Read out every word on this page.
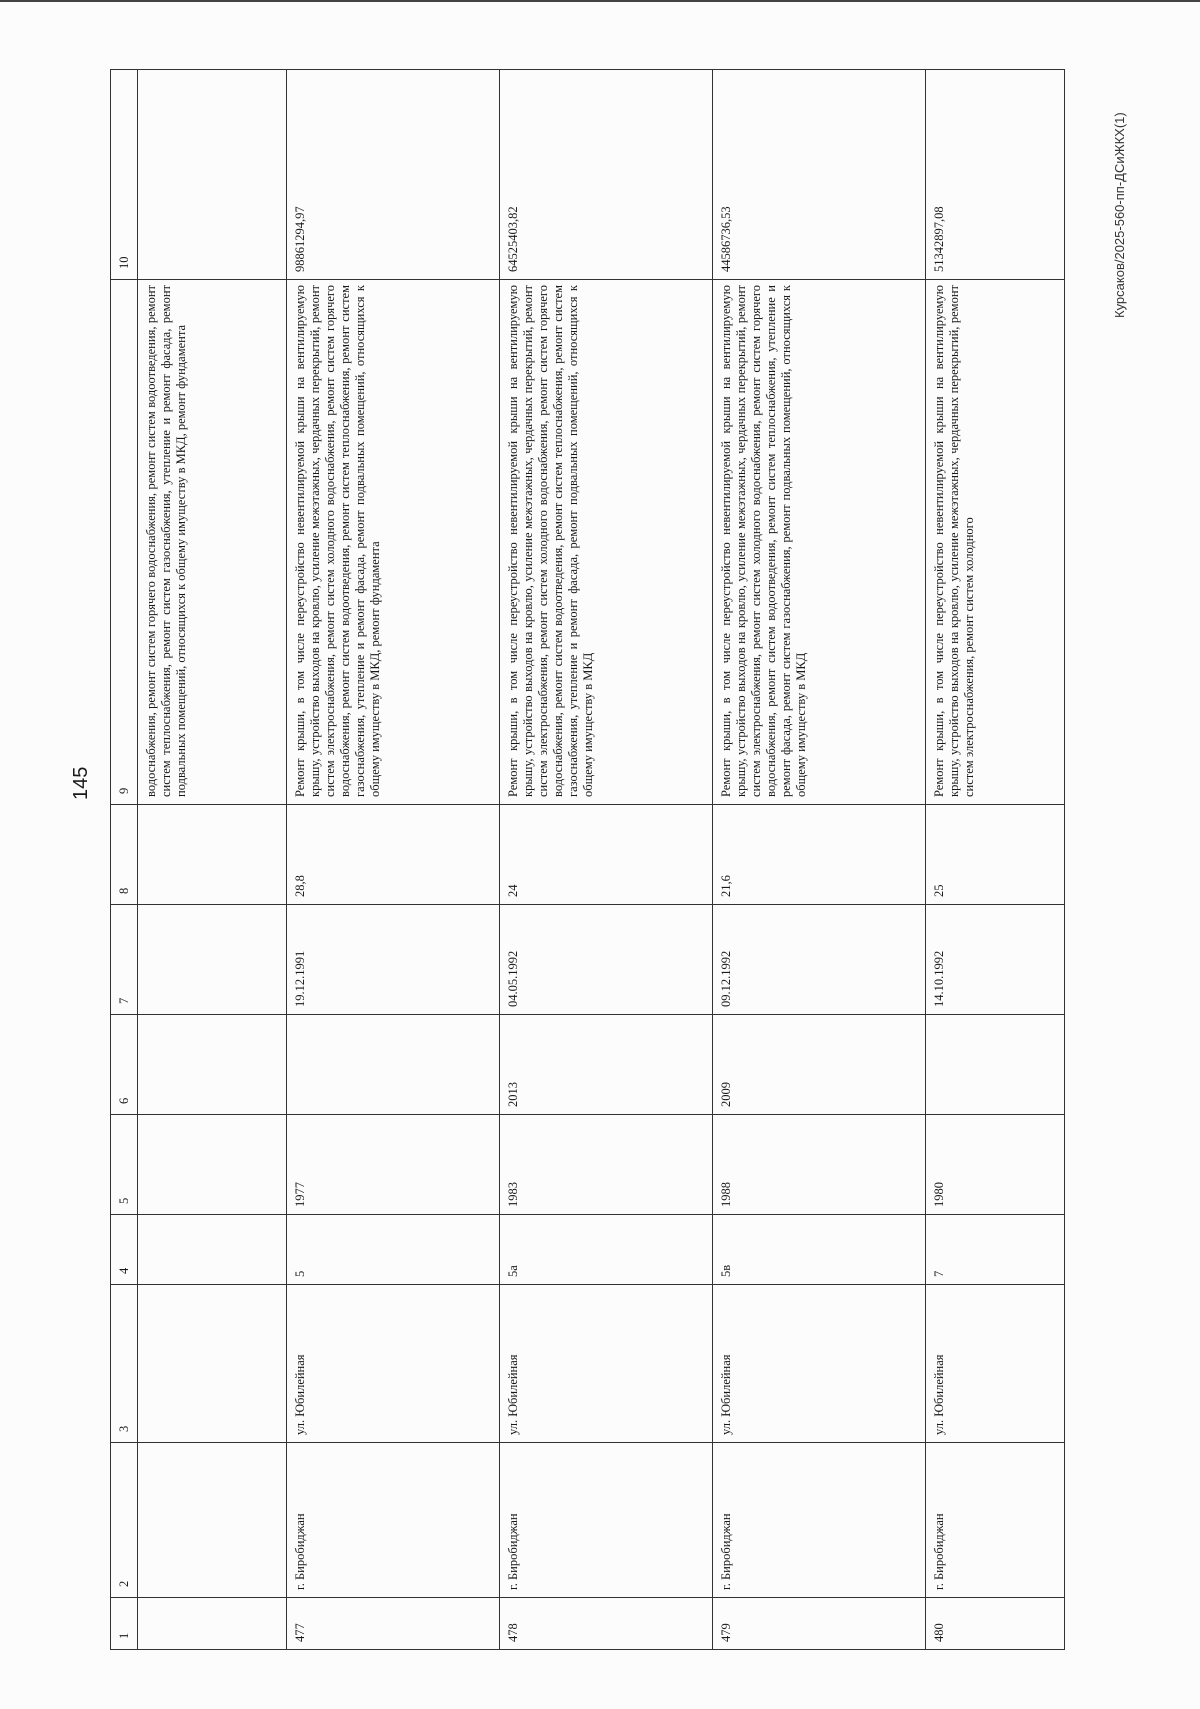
145
Курсаков/2025-560-пп-ДСиЖКХ(1)
1	2	3	4	5	6	7	8	9	10
								водоснабжения, ремонт систем горячего водоснабжения, ремонт систем водоотведения, ремонт систем теплоснабжения, ремонт систем газоснабжения, утепление и ремонт фасада, ремонт подвальных помещений, относящихся к общему имуществу в МКД, ремонт фундамента	
477	г. Биробиджан	ул. Юбилейная	5	1977		19.12.1991	28,8	Ремонт крыши, в том числе переустройство невентилируемой крыши на вентилируемую крышу, устройство выходов на кровлю, усиление межэтажных, чердачных перекрытий, ремонт систем электроснабжения, ремонт систем холодного водоснабжения, ремонт систем горячего водоснабжения, ремонт систем водоотведения, ремонт систем теплоснабжения, ремонт систем газоснабжения, утепление и ремонт фасада, ремонт подвальных помещений, относящихся к общему имуществу в МКД, ремонт фундамента	98861294,97
478	г. Биробиджан	ул. Юбилейная	5а	1983	2013	04.05.1992	24	Ремонт крыши, в том числе переустройство невентилируемой крыши на вентилируемую крышу, устройство выходов на кровлю, усиление межэтажных, чердачных перекрытий, ремонт систем электроснабжения, ремонт систем холодного водоснабжения, ремонт систем горячего водоснабжения, ремонт систем водоотведения, ремонт систем теплоснабжения, ремонт систем газоснабжения, утепление и ремонт фасада, ремонт подвальных помещений, относящихся к общему имуществу в МКД	64525403,82
479	г. Биробиджан	ул. Юбилейная	5в	1988	2009	09.12.1992	21,6	Ремонт крыши, в том числе переустройство невентилируемой крыши на вентилируемую крышу, устройство выходов на кровлю, усиление межэтажных, чердачных перекрытий, ремонт систем электроснабжения, ремонт систем холодного водоснабжения, ремонт систем горячего водоснабжения, ремонт систем водоотведения, ремонт систем теплоснабжения, утепление и ремонт фасада, ремонт систем газоснабжения, ремонт подвальных помещений, относящихся к общему имуществу в МКД	44586736,53
480	г. Биробиджан	ул. Юбилейная	7	1980		14.10.1992	25	Ремонт крыши, в том числе переустройство невентилируемой крыши на вентилируемую крышу, устройство выходов на кровлю, усиление межэтажных, чердачных перекрытий, ремонт систем электроснабжения, ремонт систем холодного	51342897,08
